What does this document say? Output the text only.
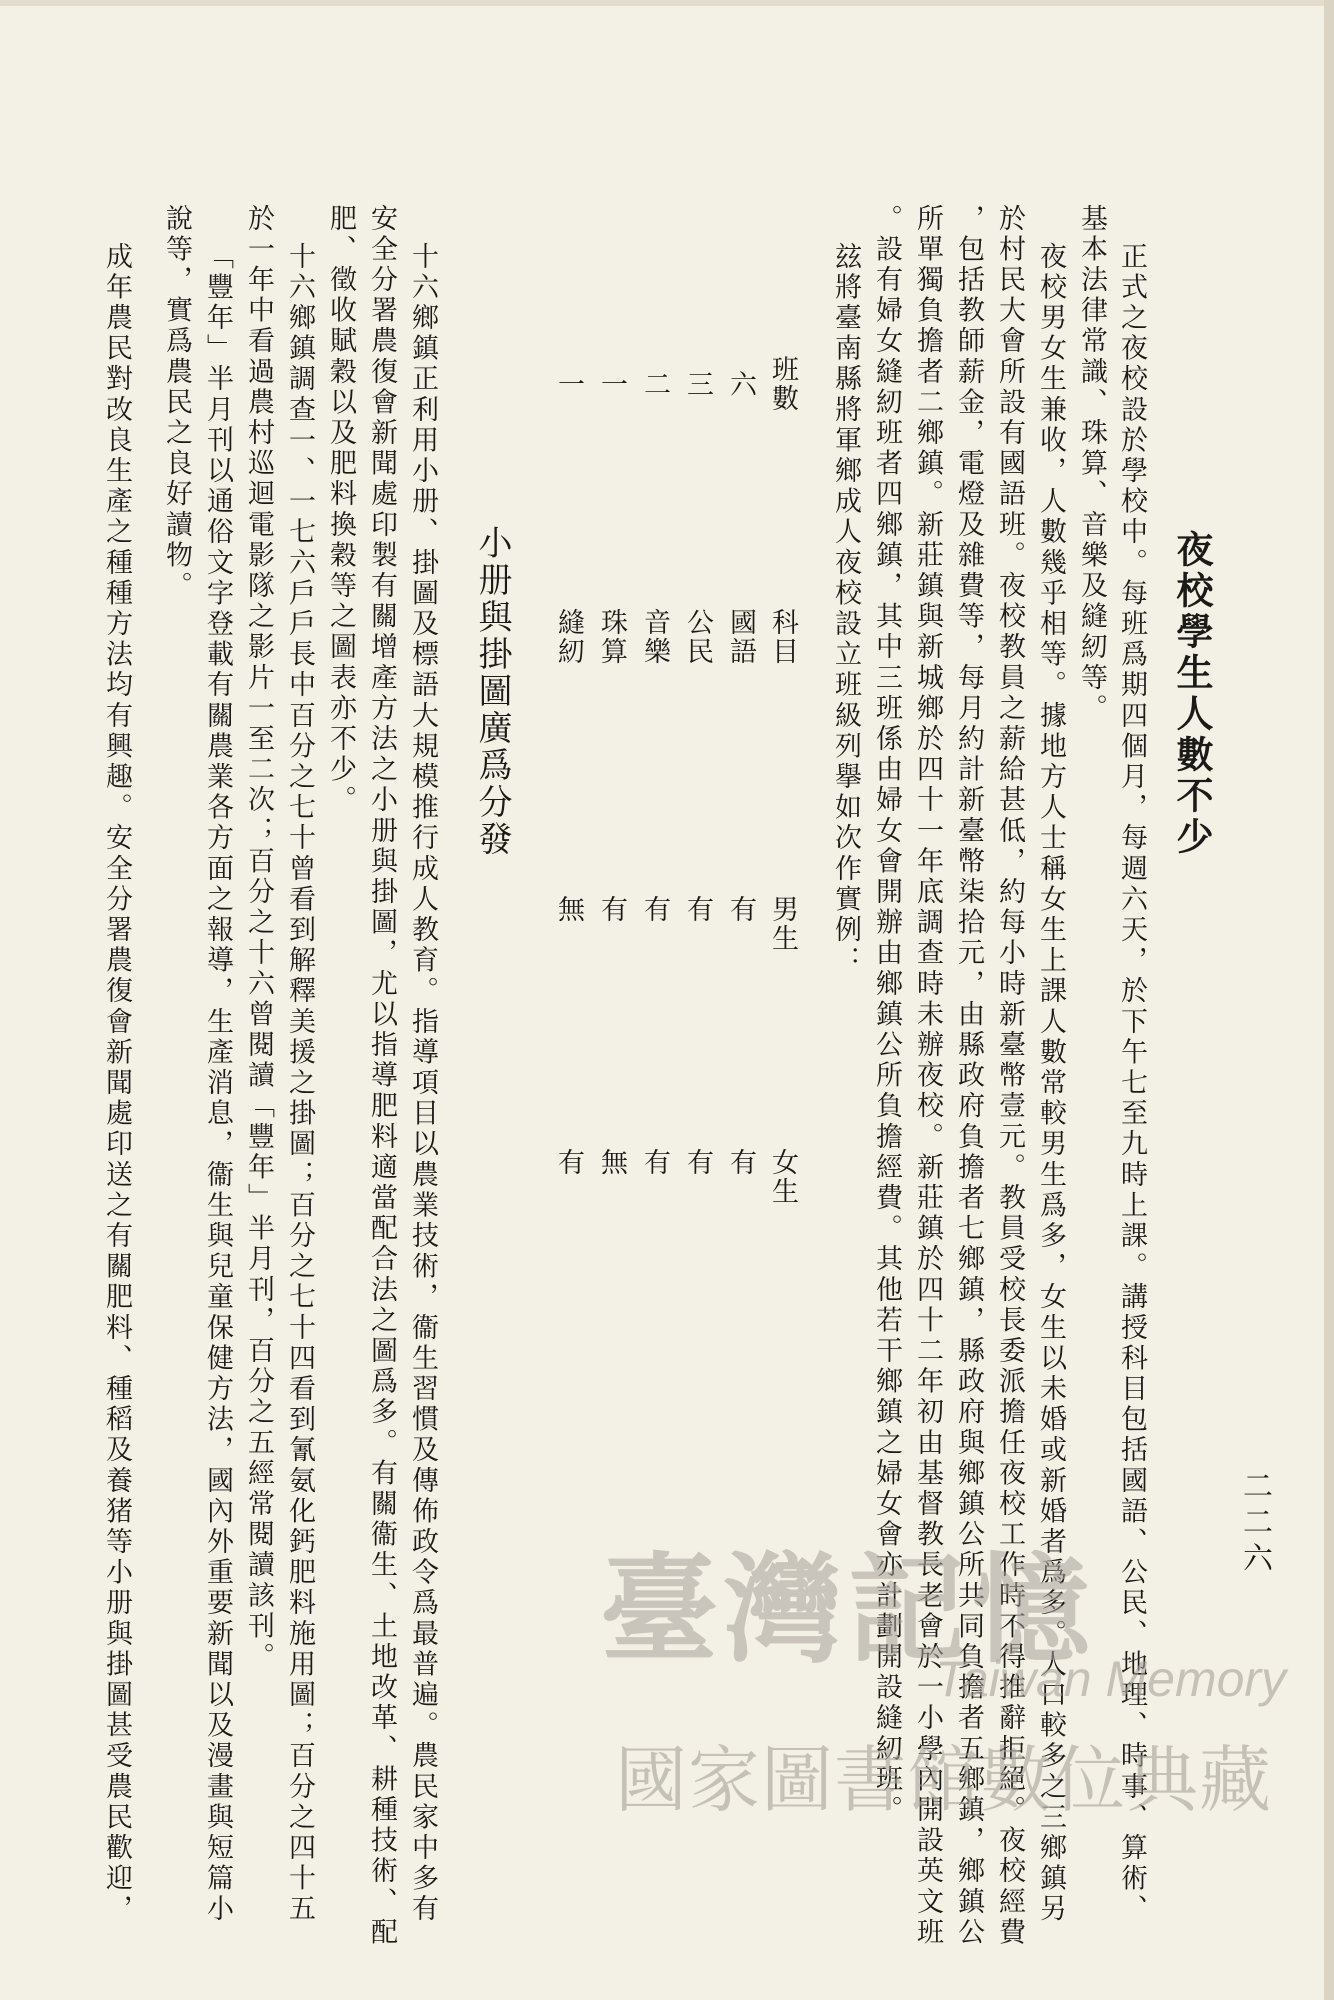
二二六
夜校學生人數不少
正式之夜校設於學校中。每班爲期四個月，每週六天，於下午七至九時上課。講授科目包括國語、公民、地理、時事、算術、
基本法律常識、珠算、音樂及縫紉等。
夜校男女生兼收，人數幾乎相等。據地方人士稱女生上課人數常較男生爲多，女生以未婚或新婚者爲多。人口較多之三鄉鎮另
於村民大會所設有國語班。夜校教員之薪給甚低，約每小時新臺幣壹元。教員受校長委派擔任夜校工作時不得推辭拒絕。夜校經費
，包括教師薪金，電燈及雜費等，每月約計新臺幣柒拾元，由縣政府負擔者七鄉鎮，縣政府與鄉鎮公所共同負擔者五鄉鎮，鄉鎮公
所單獨負擔者二鄉鎮。新莊鎮與新城鄉於四十一年底調查時未辦夜校。新莊鎮於四十二年初由基督教長老會於一小學內開設英文班
。設有婦女縫紉班者四鄉鎮，其中三班係由婦女會開辦由鄉鎮公所負擔經費。其他若干鄉鎮之婦女會亦計劃開設縫紉班。
玆將臺南縣將軍鄉成人夜校設立班級列擧如次作實例：
班數
科目
男生
女生
六
國語
有
有
三
公民
有
有
二
音樂
有
有
一
珠算
有
無
一
縫紉
無
有
小册與掛圖廣爲分發
十六鄉鎮正利用小册、掛圖及標語大規模推行成人教育。指導項目以農業技術，衞生習慣及傳佈政令爲最普遍。農民家中多有
安全分署農復會新聞處印製有關增產方法之小册與掛圖，尤以指導肥料適當配合法之圖爲多。有關衞生、土地改革、耕種技術、配
肥、徵收賦穀以及肥料換穀等之圖表亦不少。
十六鄉鎮調查一、一七六戶戶長中百分之七十曾看到解釋美援之掛圖；百分之七十四看到氰氨化鈣肥料施用圖；百分之四十五
於一年中看過農村巡迴電影隊之影片一至二次；百分之十六曾閱讀「豐年」半月刊，百分之五經常閱讀該刊。
「豐年」半月刊以通俗文字登載有關農業各方面之報導，生產消息，衞生與兒童保健方法，國內外重要新聞以及漫畫與短篇小
說等，實爲農民之良好讀物。
成年農民對改良生產之種種方法均有興趣。安全分署農復會新聞處印送之有關肥料、種稻及養猪等小册與掛圖甚受農民歡迎，	臺灣記憶
Taiwan Memory
國家圖書館數位典藏
